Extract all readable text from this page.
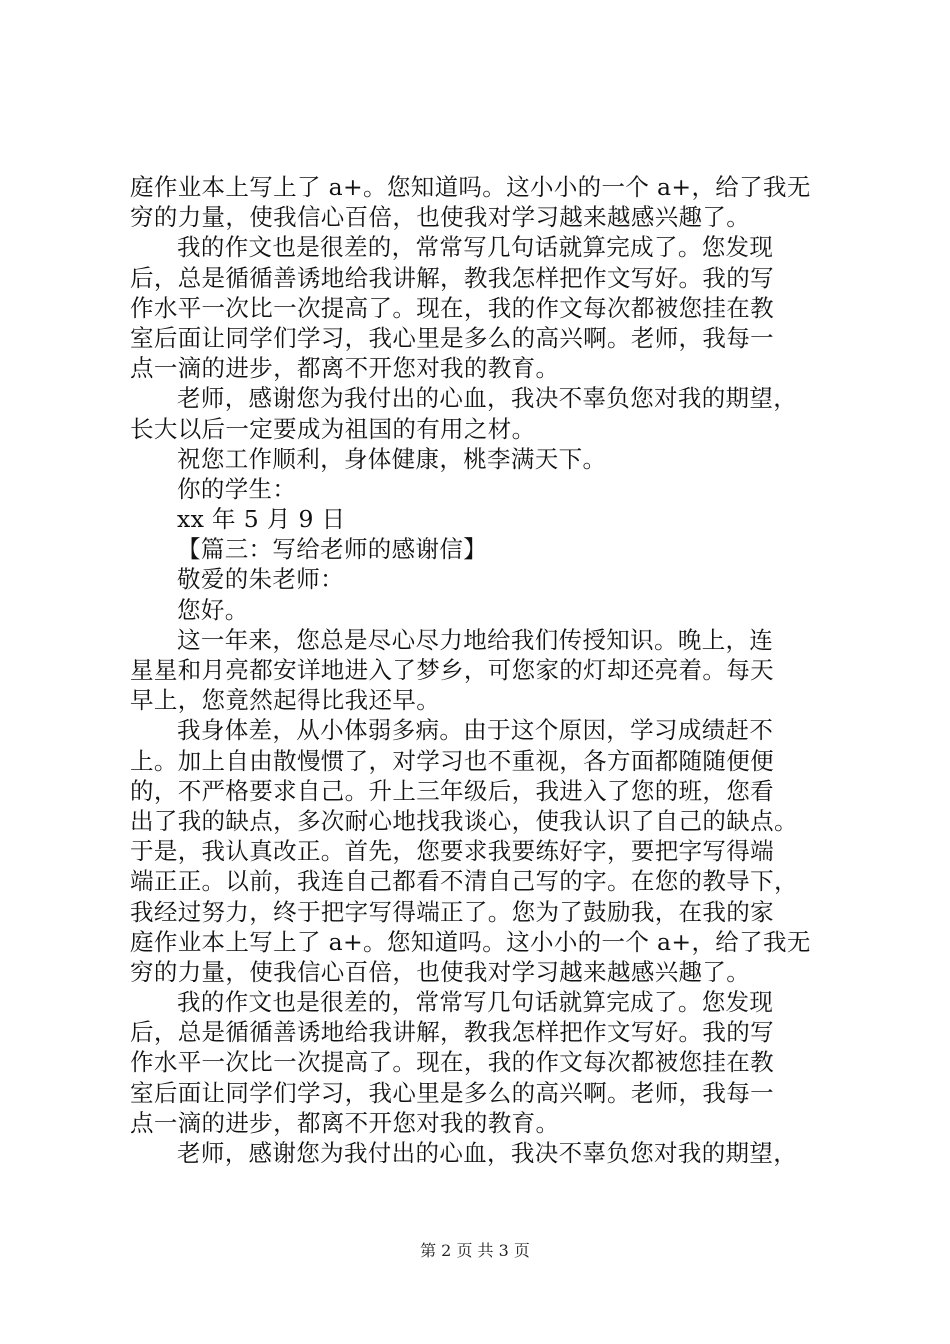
庭作业本上写上了 a+。您知道吗。这小小的一个 a+，给了我无
穷的力量，使我信心百倍，也使我对学习越来越感兴趣了。
我的作文也是很差的，常常写几句话就算完成了。您发现
后，总是循循善诱地给我讲解，教我怎样把作文写好。我的写
作水平一次比一次提高了。现在，我的作文每次都被您挂在教
室后面让同学们学习，我心里是多么的高兴啊。老师，我每一
点一滴的进步，都离不开您对我的教育。
老师，感谢您为我付出的心血，我决不辜负您对我的期望，
长大以后一定要成为祖国的有用之材。
祝您工作顺利，身体健康，桃李满天下。
你的学生：
xx 年 5 月 9 日
【篇三：写给老师的感谢信】
敬爱的朱老师：
您好。
这一年来，您总是尽心尽力地给我们传授知识。晚上，连
星星和月亮都安详地进入了梦乡，可您家的灯却还亮着。每天
早上，您竟然起得比我还早。
我身体差，从小体弱多病。由于这个原因，学习成绩赶不
上。加上自由散慢惯了，对学习也不重视，各方面都随随便便
的，不严格要求自己。升上三年级后，我进入了您的班，您看
出了我的缺点，多次耐心地找我谈心，使我认识了自己的缺点。
于是，我认真改正。首先，您要求我要练好字，要把字写得端
端正正。以前，我连自己都看不清自己写的字。在您的教导下，
我经过努力，终于把字写得端正了。您为了鼓励我，在我的家
庭作业本上写上了 a+。您知道吗。这小小的一个 a+，给了我无
穷的力量，使我信心百倍，也使我对学习越来越感兴趣了。
我的作文也是很差的，常常写几句话就算完成了。您发现
后，总是循循善诱地给我讲解，教我怎样把作文写好。我的写
作水平一次比一次提高了。现在，我的作文每次都被您挂在教
室后面让同学们学习，我心里是多么的高兴啊。老师，我每一
点一滴的进步，都离不开您对我的教育。
老师，感谢您为我付出的心血，我决不辜负您对我的期望，
第 2 页 共 3 页
